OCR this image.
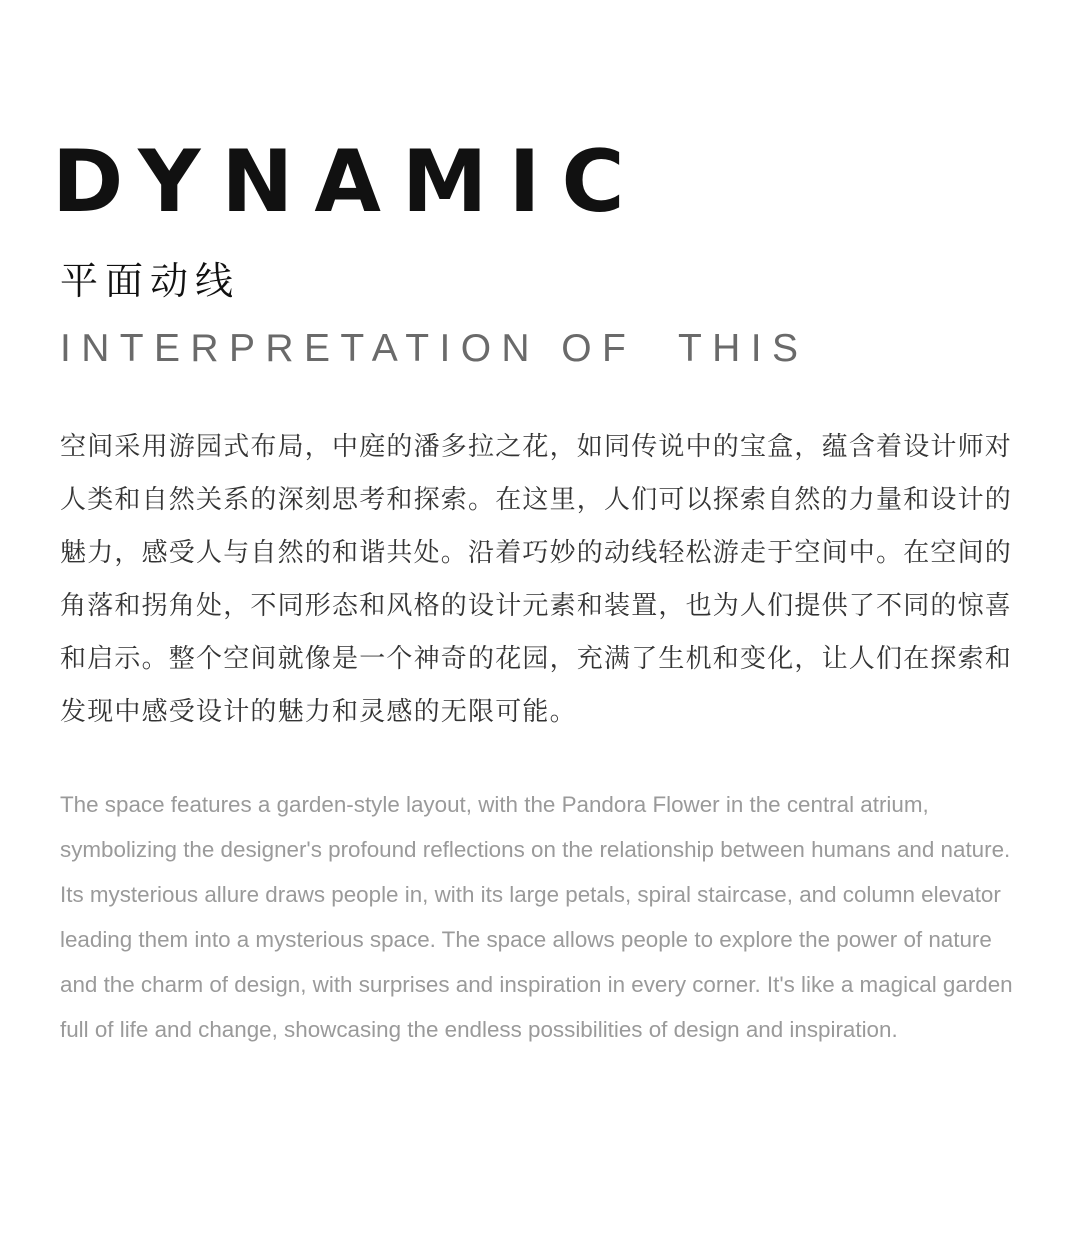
DYNAMIC
平面动线
INTERPRETATION OF  THIS

空间采用游园式布局，中庭的潘多拉之花，如同传说中的宝盒，蕴含着设计师对人类和自然关系的深刻思考和探索。在这里，人们可以探索自然的力量和设计的魅力，感受人与自然的和谐共处。沿着巧妙的动线轻松游走于空间中。在空间的角落和拐角处，不同形态和风格的设计元素和装置，也为人们提供了不同的惊喜和启示。整个空间就像是一个神奇的花园，充满了生机和变化，让人们在探索和发现中感受设计的魅力和灵感的无限可能。

The space features a garden-style layout, with the Pandora Flower in the central atrium, symbolizing the designer's profound reflections on the relationship between humans and nature. Its mysterious allure draws people in, with its large petals, spiral staircase, and column elevator leading them into a mysterious space. The space allows people to explore the power of nature and the charm of design, with surprises and inspiration in every corner. It's like a magical garden full of life and change, showcasing the endless possibilities of design and inspiration.
